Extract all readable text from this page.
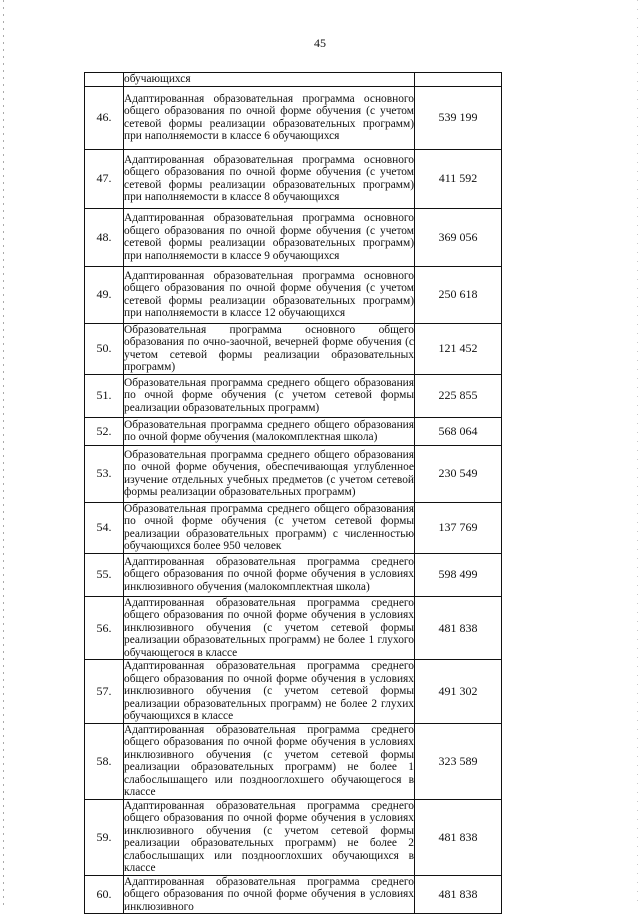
45
	обучающихся	
46.	Адаптированная образовательная программа основного общего образования по очной форме обучения (с учетом сетевой формы реализации образовательных программ) при наполняемости в классе 6 обучающихся	539 199
47.	Адаптированная образовательная программа основного общего образования по очной форме обучения (с учетом сетевой формы реализации образовательных программ) при наполняемости в классе 8 обучающихся	411 592
48.	Адаптированная образовательная программа основного общего образования по очной форме обучения (с учетом сетевой формы реализации образовательных программ) при наполняемости в классе 9 обучающихся	369 056
49.	Адаптированная образовательная программа основного общего образования по очной форме обучения (с учетом сетевой формы реализации образовательных программ) при наполняемости в классе 12 обучающихся	250 618
50.	Образовательная программа основного общего образования по очно-заочной, вечерней форме обучения (с учетом сетевой формы реализации образовательных программ)	121 452
51.	Образовательная программа среднего общего образования по очной форме обучения (с учетом сетевой формы реализации образовательных программ)	225 855
52.	Образовательная программа среднего общего образования по очной форме обучения (малокомплектная школа)	568 064
53.	Образовательная программа среднего общего образования по очной форме обучения, обеспечивающая углубленное изучение отдельных учебных предметов (с учетом сетевой формы реализации образовательных программ)	230 549
54.	Образовательная программа среднего общего образования по очной форме обучения (с учетом сетевой формы реализации образовательных программ) с численностью обучающихся более 950 человек	137 769
55.	Адаптированная образовательная программа среднего общего образования по очной форме обучения в условиях инклюзивного обучения (малокомплектная школа)	598 499
56.	Адаптированная образовательная программа среднего общего образования по очной форме обучения в условиях инклюзивного обучения (с учетом сетевой формы реализации образовательных программ) не более 1 глухого обучающегося в классе	481 838
57.	Адаптированная образовательная программа среднего общего образования по очной форме обучения в условиях инклюзивного обучения (с учетом сетевой формы реализации образовательных программ) не более 2 глухих обучающихся в классе	491 302
58.	Адаптированная образовательная программа среднего общего образования по очной форме обучения в условиях инклюзивного обучения (с учетом сетевой формы реализации образовательных программ) не более 1 слабослышащего или позднооглохшего обучающегося в классе	323 589
59.	Адаптированная образовательная программа среднего общего образования по очной форме обучения в условиях инклюзивного обучения (с учетом сетевой формы реализации образовательных программ) не более 2 слабослышащих или позднооглохших обучающихся в классе	481 838
60.	Адаптированная образовательная программа среднего общего образования по очной форме обучения в условиях инклюзивного	481 838
